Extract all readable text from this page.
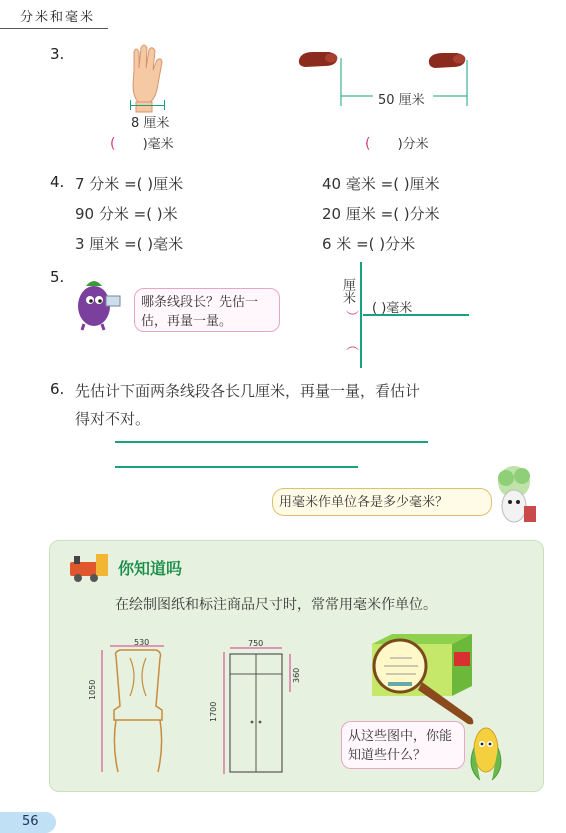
分米和毫米
3.
8 厘米
( )毫米
50 厘米
( )分米
4. 7 分米 =( )厘米	40 毫米 =( )厘米
90 分米 =( )米	20 厘米 =( )分米
3 厘米 =( )毫米	6 米 =( )分米
5.
哪条线段长？先估一估，再量一量。
厘米
︶
︵
( )毫米
6. 先估计下面两条线段各长几厘米，再量一量，看估计
得对不对。
用毫米作单位各是多少毫米？
你知道吗
在绘制图纸和标注商品尺寸时，常常用毫米作单位。
530
1050
750
1700
360
从这些图中，你能知道些什么？
56
